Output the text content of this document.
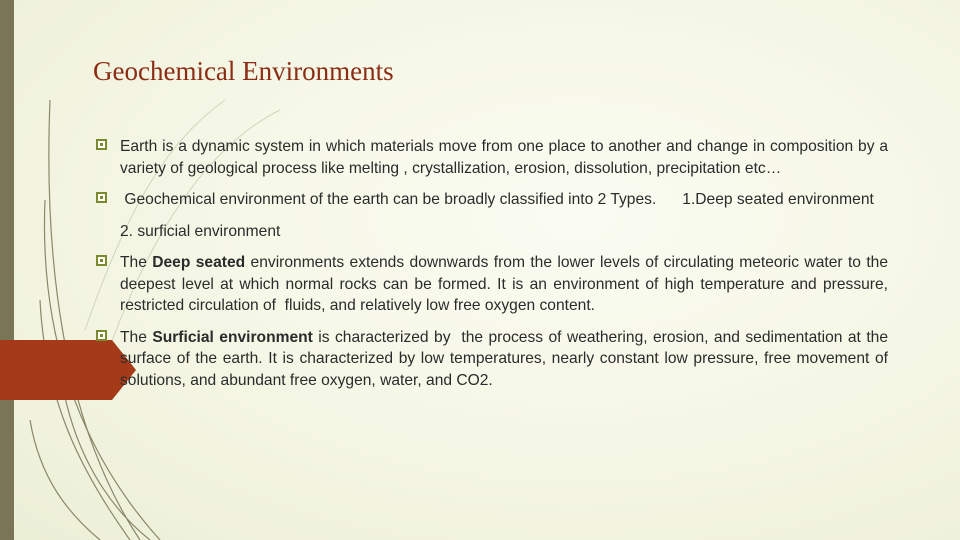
Geochemical Environments
Earth is a dynamic system in which materials move from one place to another and change in composition by a variety of geological process like melting , crystallization, erosion, dissolution, precipitation etc…
Geochemical environment of the earth can be broadly classified into 2 Types.      1.Deep seated environment
2. surficial environment
The Deep seated environments extends downwards from the lower levels of circulating meteoric water to the deepest level at which normal rocks can be formed. It is an environment of high temperature and pressure, restricted circulation of  fluids, and relatively low free oxygen content.
The Surficial environment is characterized by  the process of weathering, erosion, and sedimentation at the surface of the earth. It is characterized by low temperatures, nearly constant low pressure, free movement of solutions, and abundant free oxygen, water, and CO2.
